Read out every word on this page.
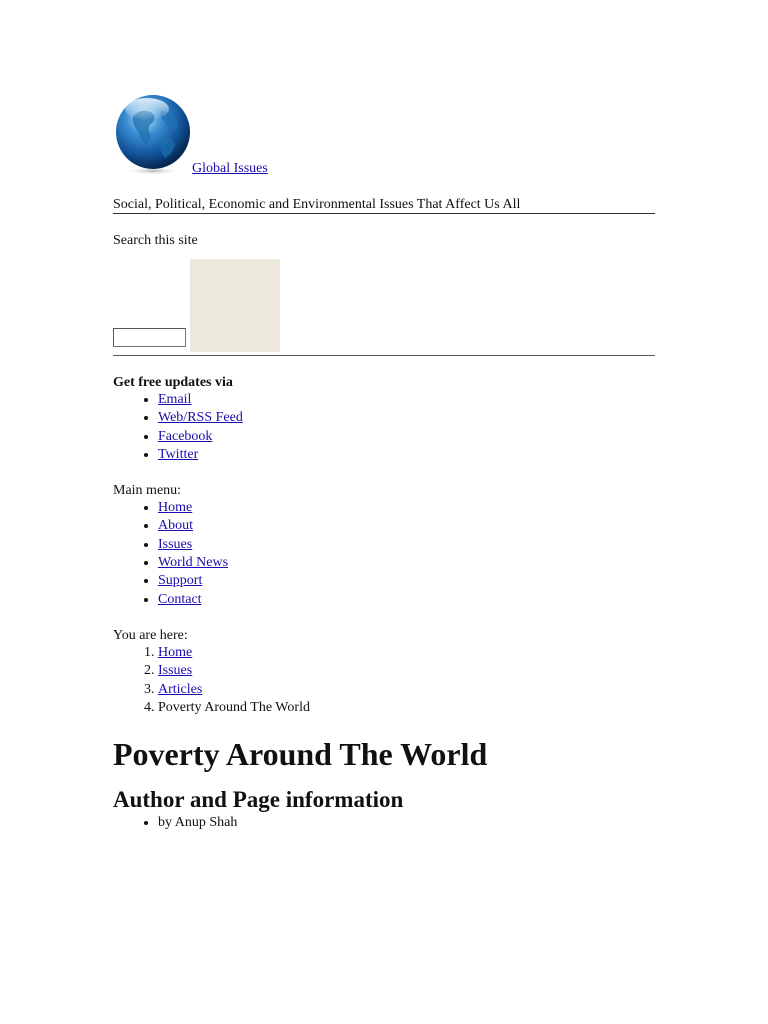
Global Issues
Social, Political, Economic and Environmental Issues That Affect Us All
Search this site
Get free updates via
• Email
• Web/RSS Feed
• Facebook
• Twitter
Main menu:
• Home
• About
• Issues
• World News
• Support
• Contact
You are here:
1. Home
2. Issues
3. Articles
4. Poverty Around The World
Poverty Around The World
Author and Page information
• by Anup Shah
